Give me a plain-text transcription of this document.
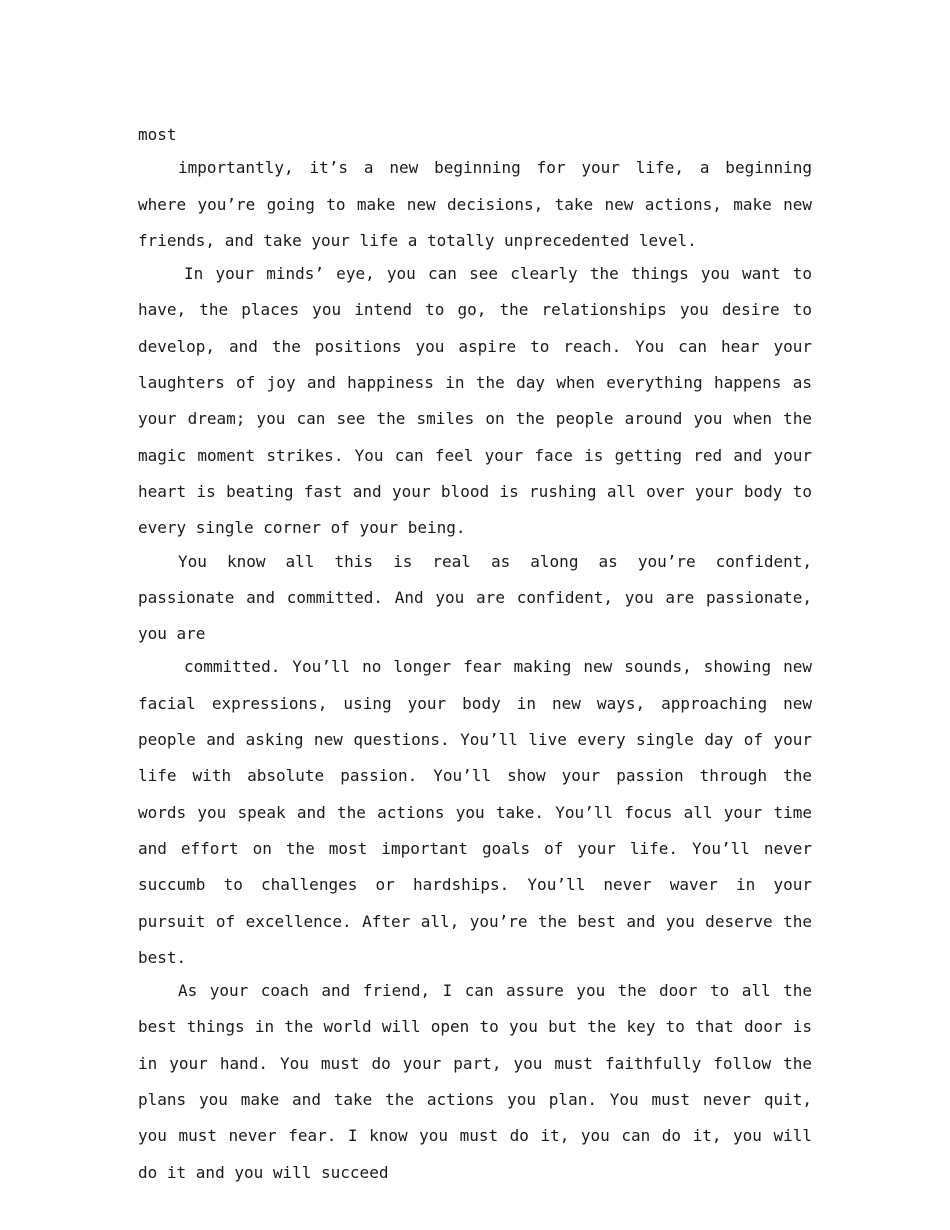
most

importantly, it’s a new beginning for your life, a beginning where you’re going to make new decisions, take new actions, make new friends, and take your life a totally unprecedented level.

In your minds’ eye, you can see clearly the things you want to have, the places you intend to go, the relationships you desire to develop, and the positions you aspire to reach. You can hear your laughters of joy and happiness in the day when everything happens as your dream; you can see the smiles on the people around you when the magic moment strikes. You can feel your face is getting red and your heart is beating fast and your blood is rushing all over your body to every single corner of your being.

You know all this is real as along as you’re confident, passionate and committed. And you are confident, you are passionate, you are

committed. You’ll no longer fear making new sounds, showing new facial expressions, using your body in new ways, approaching new people and asking new questions. You’ll live every single day of your life with absolute passion. You’ll show your passion through the words you speak and the actions you take. You’ll focus all your time and effort on the most important goals of your life. You’ll never succumb to challenges or hardships. You’ll never waver in your pursuit of excellence. After all, you’re the best and you deserve the best.

As your coach and friend, I can assure you the door to all the best things in the world will open to you but the key to that door is in your hand. You must do your part, you must faithfully follow the plans you make and take the actions you plan. You must never quit, you must never fear. I know you must do it, you can do it, you will do it and you will succeed
